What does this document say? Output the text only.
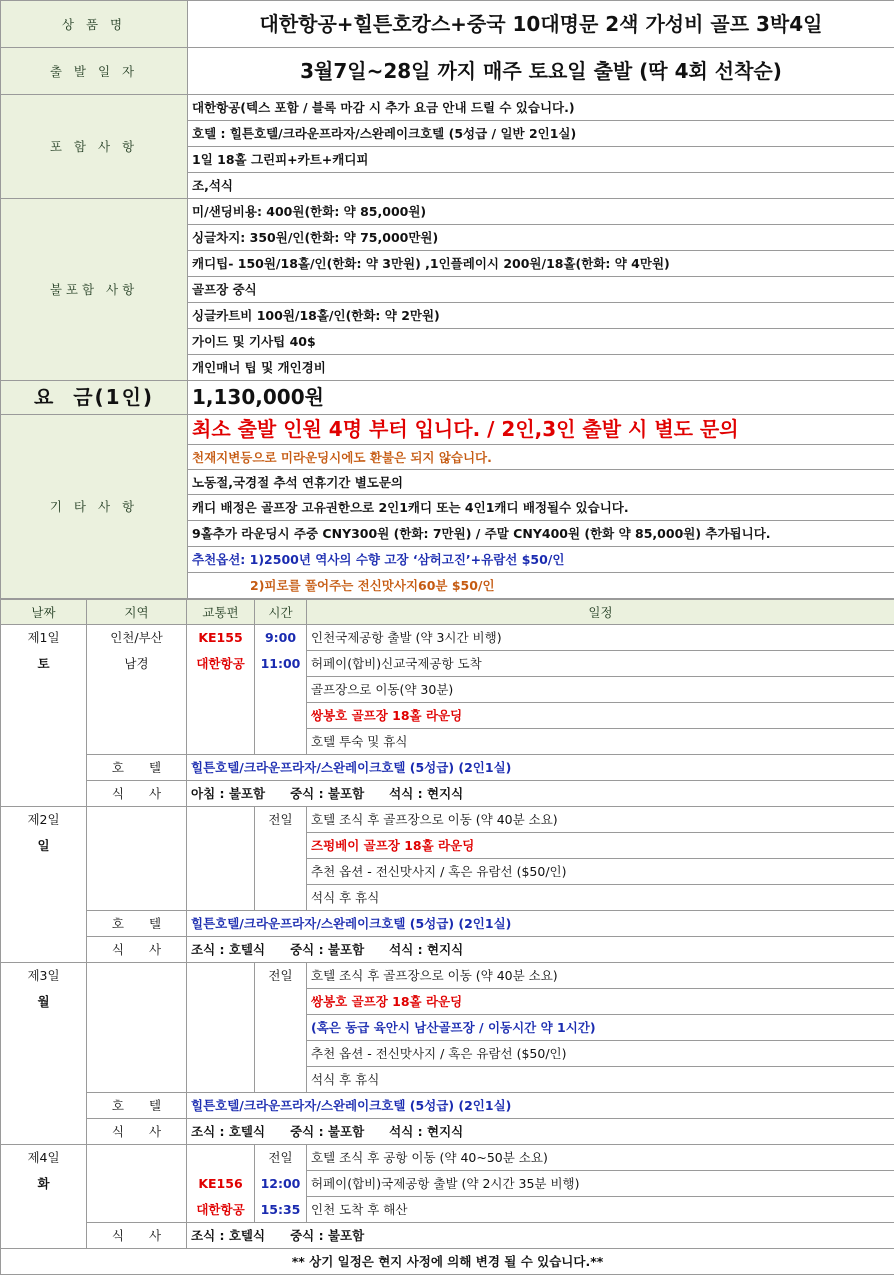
상 품 명	대한항공+힐튼호캉스+중국 10대명문 2색 가성비 골프 3박4일
출 발 일 자	3월7일~28일 까지 매주 토요일 출발 (딱 4회 선착순)
포 함 사 항	대한항공(텍스 포함 / 블록 마감 시 추가 요금 안내 드릴 수 있습니다.)
	호텔 : 힐튼호텔/크라운프라자/스완레이크호텔 (5성급 / 일반 2인1실)
	1일 18홀 그린피+카트+캐디피
	조,석식
불포함 사항	미/샌딩비용: 400원(한화: 약 85,000원)
	싱글차지: 350원/인(한화: 약 75,000만원)
	캐디팁- 150원/18홀/인(한화: 약 3만원) ,1인플레이시 200원/18홀(한화: 약 4만원)
	골프장 중식
	싱글카트비 100원/18홀/인(한화: 약 2만원)
	가이드 및 기사팁 40$
	개인매너 팁 및 개인경비
요  금(1인)	1,130,000원
기 타 사 항	최소 출발 인원 4명 부터 입니다. / 2인,3인 출발 시 별도 문의
	천재지변등으로 미라운딩시에도 환불은 되지 않습니다.
	노동절,국경절 추석 연휴기간 별도문의
	캐디 배정은 골프장 고유권한으로 2인1캐디 또는 4인1캐디 배정될수 있습니다.
	9홀추가 라운딩시 주중 CNY300원 (한화: 7만원) / 주말 CNY400원 (한화 약 85,000원) 추가됩니다.
	추천옵션: 1)2500년 역사의 수향 고장 ‘삼허고진’+유람선 $50/인
	2)피로를 풀어주는 전신맛사지60분 $50/인
날짜	지역	교통편	시간	일정
제1일	인천/부산	KE155	9:00	인천국제공항 출발 (약 3시간 비행)
토	남경	대한항공	11:00	허페이(합비)신교국제공항 도착
				골프장으로 이동(약 30분)
				쌍봉호 골프장 18홀 라운딩
				호텔 투숙 및 휴식
	호　　텔	힐튼호텔/크라운프라자/스완레이크호텔 (5성급) (2인1실)		
	식　　사	아침 : 불포함　　중식 : 불포함　　석식 : 현지식		
제2일			전일	호텔 조식 후 골프장으로 이동 (약 40분 소요)
일				즈펑베이 골프장 18홀 라운딩
				추천 옵션 - 전신맛사지 / 혹은 유람선 ($50/인)
				석식 후 휴식
	호　　텔	힐튼호텔/크라운프라자/스완레이크호텔 (5성급) (2인1실)		
	식　　사	조식 : 호텔식　　중식 : 불포함　　석식 : 현지식		
제3일			전일	호텔 조식 후 골프장으로 이동 (약 40분 소요)
월				쌍봉호 골프장 18홀 라운딩
				(혹은 동급 육안시 남산골프장 / 이동시간 약 1시간)
				추천 옵션 - 전신맛사지 / 혹은 유람선 ($50/인)
				석식 후 휴식
	호　　텔	힐튼호텔/크라운프라자/스완레이크호텔 (5성급) (2인1실)		
	식　　사	조식 : 호텔식　　중식 : 불포함　　석식 : 현지식		
제4일			전일	호텔 조식 후 공항 이동 (약 40~50분 소요)
화		KE156	12:00	허페이(합비)국제공항 출발 (약 2시간 35분 비행)
		대한항공	15:35	인천 도착 후 해산
	식　　사	조식 : 호텔식　　중식 : 불포함		
** 상기 일정은 현지 사정에 의해 변경 될 수 있습니다.**				
